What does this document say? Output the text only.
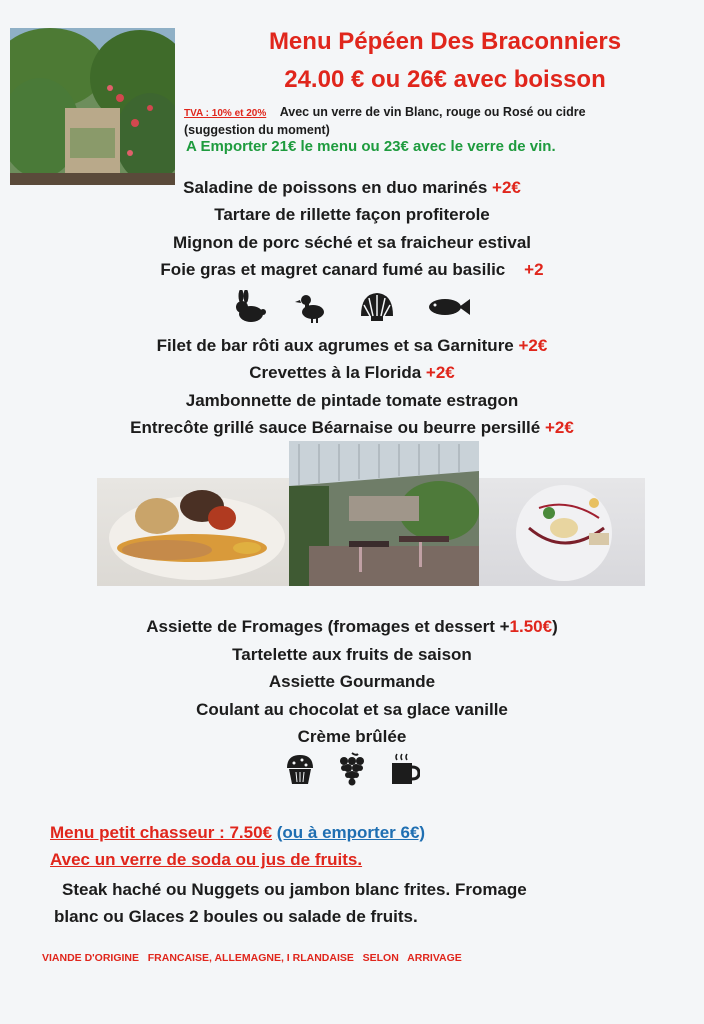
Menu Pépéen Des Braconniers
24.00 € ou 26€ avec boisson
TVA : 10% et 20% Avec un verre de vin Blanc, rouge ou Rosé ou cidre
(suggestion du moment)
A Emporter 21€ le menu ou 23€ avec le verre de vin.
Saladine de poissons en duo marinés +2€
Tartare de rillette façon profiterole
Mignon de porc séché et sa fraicheur estival
Foie gras et magret canard fumé au basilic +2
Filet de bar rôti aux agrumes et sa Garniture +2€
Crevettes à la Florida +2€
Jambonnette de pintade tomate estragon
Entrecôte grillé sauce Béarnaise ou beurre persillé +2€
Assiette de Fromages (fromages et dessert +1.50€)
Tartelette aux fruits de saison
Assiette Gourmande
Coulant au chocolat et sa glace vanille
Crème brûlée
Menu petit chasseur : 7.50€ (ou à emporter 6€)
Avec un verre de soda ou jus de fruits.
Steak haché ou Nuggets ou jambon blanc frites. Fromage
blanc ou Glaces 2 boules ou salade de fruits.
VIANDE D'ORIGINE   FRANCAISE, ALLEMAGNE, I RLANDAISE   SELON   ARRIVAGE
